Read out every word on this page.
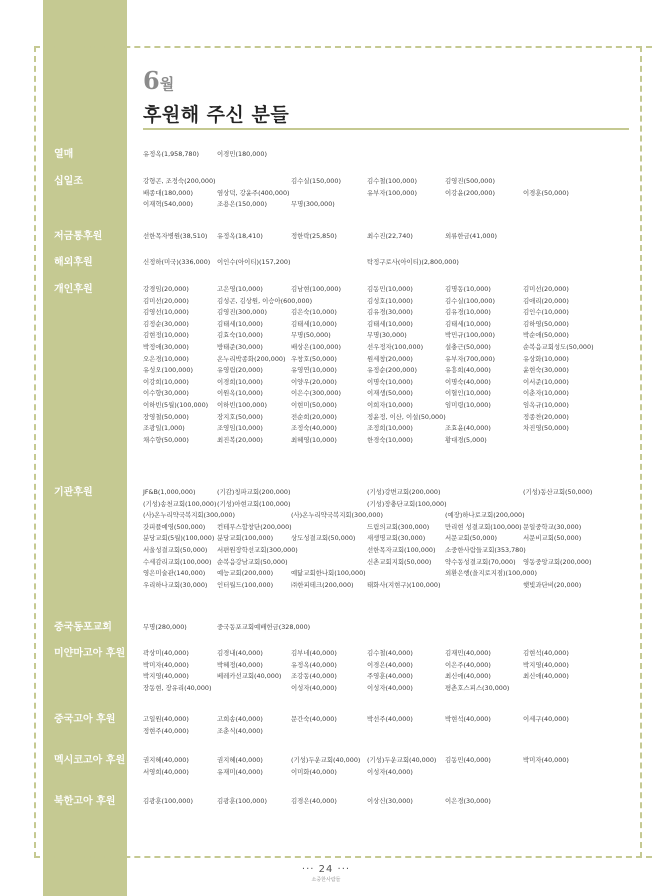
6월
후원해 주신 분들
열매	유정옥(1,958,780)	이경민(180,000)
십일조	강형곤, 조정숙(200,000)	김수실(150,000)	김수철(100,000)	김영진(500,000)
배종대(180,000)	염상덕, 강윤주(400,000)	유부자(100,000)	이강윤(200,000)	이경훈(50,000)
이재혁(540,000)	조용은(150,000)	무명(300,000)
저금통후원	선한목자병원(38,510) 유정옥(18,410)	정한락(25,850)	최수진(22,740)	외류한금(41,000)
해외후원	신정하(미국)(336,000) 이인수(아이티)(157,200)	탁정구로사(아이티)(2,800,000)
개인후원	강경임(20,000)	고은영(10,000)	김남현(100,000)	김동민(10,000)	김명동(10,000)	김미선(20,000)
김미선(20,000)	김성곤, 김상원, 이승아(600,000)	김성호(10,000)	김수실(100,000)	김애리(20,000)
김영선(10,000)	김영진(300,000)	김은숙(10,000)	김유경(30,000)	김유경(10,000)	김인수(10,000)
김정순(30,000)	김태세(10,000)	김태세(10,000)	김태세(10,000)	김태세(10,000)	김하영(50,000)
김현정(10,000)	김효숙(10,000)	무명(50,000)	무명(30,000)	박민규(100,000)	박순애(50,000)
박정애(30,000)	방태준(30,000)	배상은(100,000)	선우정자(100,000)	설충근(50,000)	순복음교회성도(50,000)
오은경(10,000)	온누리박종화(200,000) 우창호(50,000)	원세창(20,000)	유부자(700,000)	유상화(10,000)
유성오(100,000)	유영림(20,000)	유영연(10,000)	유정순(200,000)	유흥희(40,000)	윤현숙(30,000)
이강희(10,000)	이경희(10,000)	이양우(20,000)	이명숙(10,000)	이명숙(40,000)	이서준(10,000)
이수향(30,000)	이원옥(10,000)	이은수(300,000)	이재생(50,000)	이혈인(10,000)	이춘자(10,000)
이하빈(5월)(100,000) 이하빈(100,000)	이현미(50,000)	이희자(10,000)	임미령(10,000)	임옥규(10,000)
장영철(50,000)	장지호(50,000)	전순희(20,000)	정윤정, 이산, 이설(50,000)	정종찬(20,000)
조광일(1,000)	조영임(10,000)	조정숙(40,000)	조정희(10,000)	조효윤(40,000)	차진영(50,000)
채수향(50,000)	최진복(20,000)	최혜영(10,000)	한경숙(10,000)	황대경(5,000)
기관후원	JF&B(1,000,000)	(기감)칭파교회(200,000)	(기성)강변교회(200,000)	(기성)동산교회(50,000)
(기성)송천교회(100,000) (기성)아현교회(100,000)	(기성)장충단교회(100,000)
(사)온누리약국복지회(300,000)	(사)온누리약국복지회(300,000)	(예장)하나로교회(200,000)
갓피플예영(500,000) 컨테무스합창단(200,000)	드림의교회(300,000) 만리현 성결교회(100,000) 문일중학교(30,000)
분당교회(5월)(100,000) 분당교회(100,000)	상도성결교회(50,000) 새생명교회(30,000)	서문교회(50,000)	서문비교회(50,000)
서울성결교회(50,000) 서편원장학선교회(300,000)	선한목자교회(100,000) 소중한사람들교회(353,780)
수세감리교회(100,000) 순복음강남교회(50,000)	신촌교회지회(50,000) 약수동성결교회(70,000) 영동중앙교회(200,000)
영은미술관(140,000) 예능교회(200,000)	예닮교회한나회(100,000)	외환은행(을지로지점)(100,000)
우리하나교회(30,000) 인터월드(100,000)	㈜한피테크(200,000) 태화사(지현구)(100,000)	햇빛과단비(20,000)
중국동포교회	무명(280,000)	중국동포교회예배헌금(328,000)
미얀마고아 후원	곽상미(40,000)	김경내(40,000)	김부네(40,000)	김수철(40,000)	김재민(40,000)	김현석(40,000)
박미자(40,000)	박혜정(40,000)	유정옥(40,000)	이경은(40,000)	이은주(40,000)	박지영(40,000)
박지영(40,000)	베레카선교회(40,000) 조강동(40,000)	주영훈(40,000)	최신애(40,000)	최신애(40,000)
장동현, 장유리(40,000)	이성자(40,000)	이성자(40,000)	평촌호스피스(30,000)
중국고아 후원	고일원(40,000)	고희송(40,000)	문간숙(40,000)	박선주(40,000)	박현석(40,000)	이세구(40,000)
정현주(40,000)	조춘식(40,000)
멕시코고아 후원	권지혜(40,000)	권지혜(40,000)	(기성)두운교회(40,000) (기성)두운교회(40,000) 김동민(40,000)	박미자(40,000)
서영희(40,000)	유재미(40,000)	이미화(40,000)	이성자(40,000)
북한고아 후원	김광훈(100,000)	김광훈(100,000)	김경은(40,000)	이상신(30,000)	이은경(30,000)
··· 24 ···
소중한사람들
